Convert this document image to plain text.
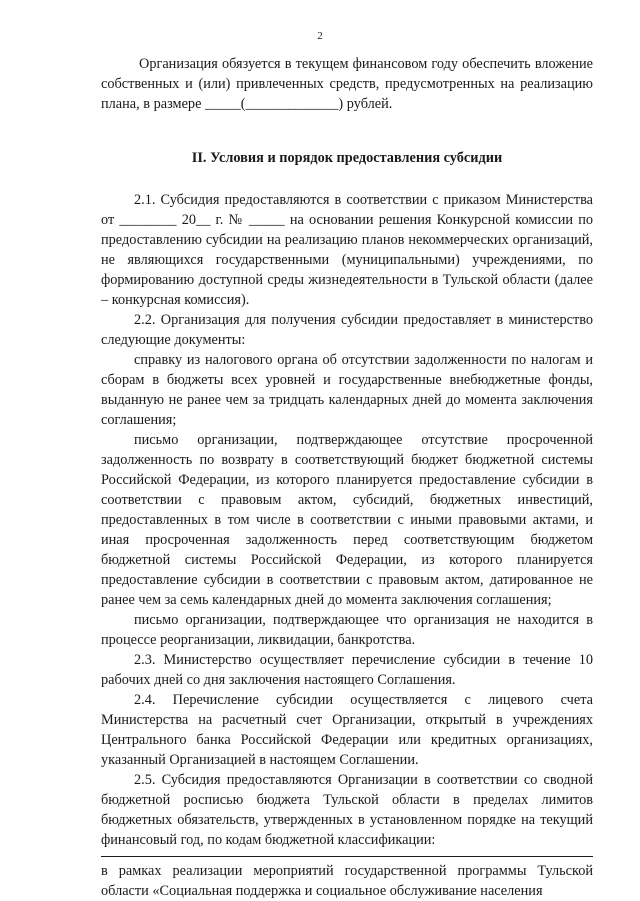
2

Организация обязуется в текущем финансовом году обеспечить вложение собственных и (или) привлеченных средств, предусмотренных на реализацию плана, в размере _____(_____________) рублей.

II. Условия и порядок предоставления субсидии

2.1. Субсидия предоставляются в соответствии с приказом Министерства от ________ 20__ г. № _____ на основании решения Конкурсной комиссии по предоставлению субсидии на реализацию планов некоммерческих организаций, не являющихся государственными (муниципальными) учреждениями, по формированию доступной среды жизнедеятельности в Тульской области (далее – конкурсная комиссия).

2.2. Организация для получения субсидии предоставляет в министерство следующие документы:

справку из налогового органа об отсутствии задолженности по налогам и сборам в бюджеты всех уровней и государственные внебюджетные фонды, выданную не ранее чем за тридцать календарных дней до момента заключения соглашения;

письмо организации, подтверждающее отсутствие просроченной задолженность по возврату в соответствующий бюджет бюджетной системы Российской Федерации, из которого планируется предоставление субсидии в соответствии с правовым актом, субсидий, бюджетных инвестиций, предоставленных в том числе в соответствии с иными правовыми актами, и иная просроченная задолженность перед соответствующим бюджетом бюджетной системы Российской Федерации, из которого планируется предоставление субсидии в соответствии с правовым актом, датированное не ранее чем за семь календарных дней до момента заключения соглашения;

письмо организации, подтверждающее что организация не находится в процессе реорганизации, ликвидации, банкротства.

2.3. Министерство осуществляет перечисление субсидии в течение 10 рабочих дней со дня заключения настоящего Соглашения.

2.4. Перечисление субсидии осуществляется с лицевого счета Министерства на расчетный счет Организации, открытый в учреждениях Центрального банка Российской Федерации или кредитных организациях, указанный Организацией в настоящем Соглашении.

2.5. Субсидия предоставляются Организации в соответствии со сводной бюджетной росписью бюджета Тульской области в пределах лимитов бюджетных обязательств, утвержденных в установленном порядке на текущий финансовый год, по кодам бюджетной классификации:

в рамках реализации мероприятий государственной программы Тульской области «Социальная поддержка и социальное обслуживание населения
